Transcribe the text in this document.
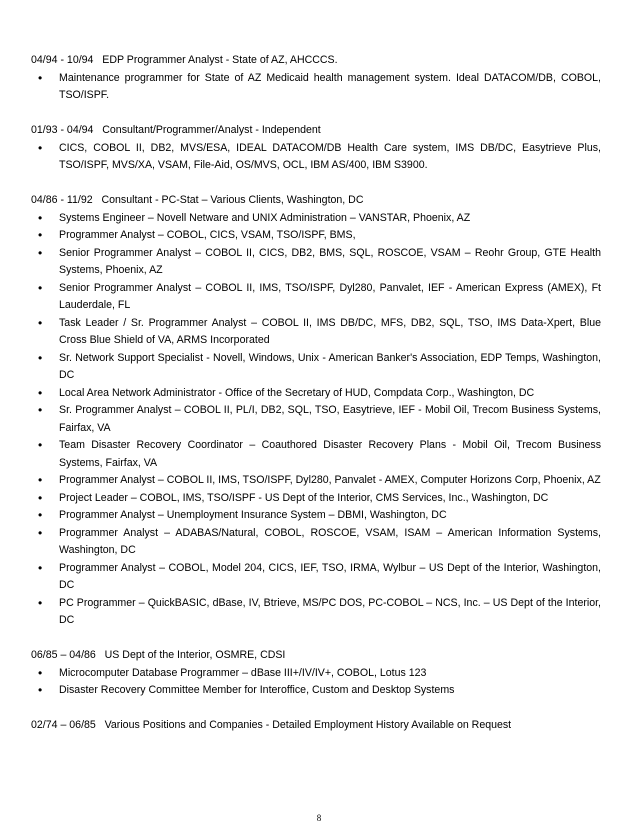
04/94 - 10/94   EDP Programmer Analyst - State of AZ, AHCCCS.
• Maintenance programmer for State of AZ Medicaid health management system. Ideal DATACOM/DB, COBOL, TSO/ISPF.
01/93 - 04/94   Consultant/Programmer/Analyst - Independent
• CICS, COBOL II, DB2, MVS/ESA, IDEAL DATACOM/DB Health Care system, IMS DB/DC, Easytrieve Plus, TSO/ISPF, MVS/XA, VSAM, File-Aid, OS/MVS, OCL, IBM AS/400, IBM S3900.
04/86 - 11/92   Consultant - PC-Stat – Various Clients, Washington, DC
• Systems Engineer – Novell Netware and UNIX Administration – VANSTAR, Phoenix, AZ
• Programmer Analyst – COBOL, CICS, VSAM, TSO/ISPF, BMS,
• Senior Programmer Analyst – COBOL II, CICS, DB2, BMS, SQL, ROSCOE, VSAM – Reohr Group, GTE Health Systems, Phoenix, AZ
• Senior Programmer Analyst – COBOL II, IMS, TSO/ISPF, Dyl280, Panvalet, IEF - American Express (AMEX), Ft Lauderdale, FL
• Task Leader / Sr. Programmer Analyst – COBOL II, IMS DB/DC, MFS, DB2, SQL, TSO, IMS Data-Xpert, Blue Cross Blue Shield of VA, ARMS Incorporated
• Sr. Network Support Specialist - Novell, Windows, Unix - American Banker's Association, EDP Temps, Washington, DC
• Local Area Network Administrator - Office of the Secretary of HUD, Compdata Corp., Washington, DC
• Sr. Programmer Analyst – COBOL II, PL/I, DB2, SQL, TSO, Easytrieve, IEF - Mobil Oil, Trecom Business Systems, Fairfax, VA
• Team Disaster Recovery Coordinator – Coauthored Disaster Recovery Plans - Mobil Oil, Trecom Business Systems, Fairfax, VA
• Programmer Analyst – COBOL II, IMS, TSO/ISPF, Dyl280, Panvalet - AMEX, Computer Horizons Corp, Phoenix, AZ
• Project Leader – COBOL, IMS, TSO/ISPF - US Dept of the Interior, CMS Services, Inc., Washington, DC
• Programmer Analyst – Unemployment Insurance System – DBMI, Washington, DC
• Programmer Analyst – ADABAS/Natural, COBOL, ROSCOE, VSAM, ISAM – American Information Systems, Washington, DC
• Programmer Analyst – COBOL, Model 204, CICS, IEF, TSO, IRMA, Wylbur – US Dept of the Interior, Washington, DC
• PC Programmer – QuickBASIC, dBase, IV, Btrieve, MS/PC DOS, PC-COBOL – NCS, Inc. – US Dept of the Interior, DC
06/85 – 04/86   US Dept of the Interior, OSMRE, CDSI
• Microcomputer Database Programmer – dBase III+/IV/IV+, COBOL, Lotus 123
• Disaster Recovery Committee Member for Interoffice, Custom and Desktop Systems
02/74 – 06/85   Various Positions and Companies - Detailed Employment History Available on Request
8
